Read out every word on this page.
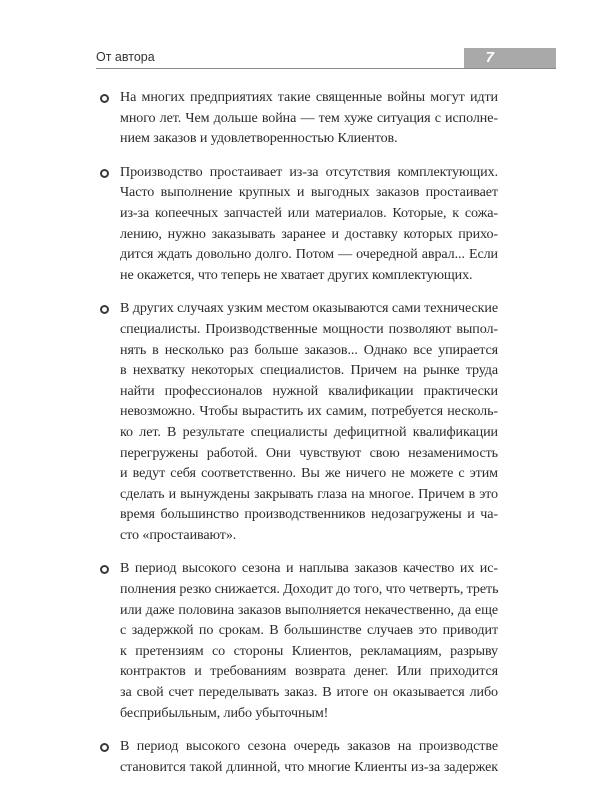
От автора	7
На многих предприятиях такие священные войны могут идти
много лет. Чем дольше война — тем хуже ситуация с исполне-
нием заказов и удовлетворенностью Клиентов.
Производство простаивает из-за отсутствия комплектующих.
Часто выполнение крупных и выгодных заказов простаивает
из-за копеечных запчастей или материалов. Которые, к сожа-
лению, нужно заказывать заранее и доставку которых прихо-
дится ждать довольно долго. Потом — очередной аврал... Если
не окажется, что теперь не хватает других комплектующих.
В других случаях узким местом оказываются сами технические
специалисты. Производственные мощности позволяют выпол-
нять в несколько раз больше заказов... Однако все упирается
в нехватку некоторых специалистов. Причем на рынке труда
найти профессионалов нужной квалификации практически
невозможно. Чтобы вырастить их самим, потребуется несколь-
ко лет. В результате специалисты дефицитной квалификации
перегружены работой. Они чувствуют свою незаменимость
и ведут себя соответственно. Вы же ничего не можете с этим
сделать и вынуждены закрывать глаза на многое. Причем в это
время большинство производственников недозагружены и ча-
сто «простаивают».
В период высокого сезона и наплыва заказов качество их ис-
полнения резко снижается. Доходит до того, что четверть, треть
или даже половина заказов выполняется некачественно, да еще
с задержкой по срокам. В большинстве случаев это приводит
к претензиям со стороны Клиентов, рекламациям, разрыву
контрактов и требованиям возврата денег. Или приходится
за свой счет переделывать заказ. В итоге он оказывается либо
бесприбыльным, либо убыточным!
В период высокого сезона очередь заказов на производстве
становится такой длинной, что многие Клиенты из-за задержек
